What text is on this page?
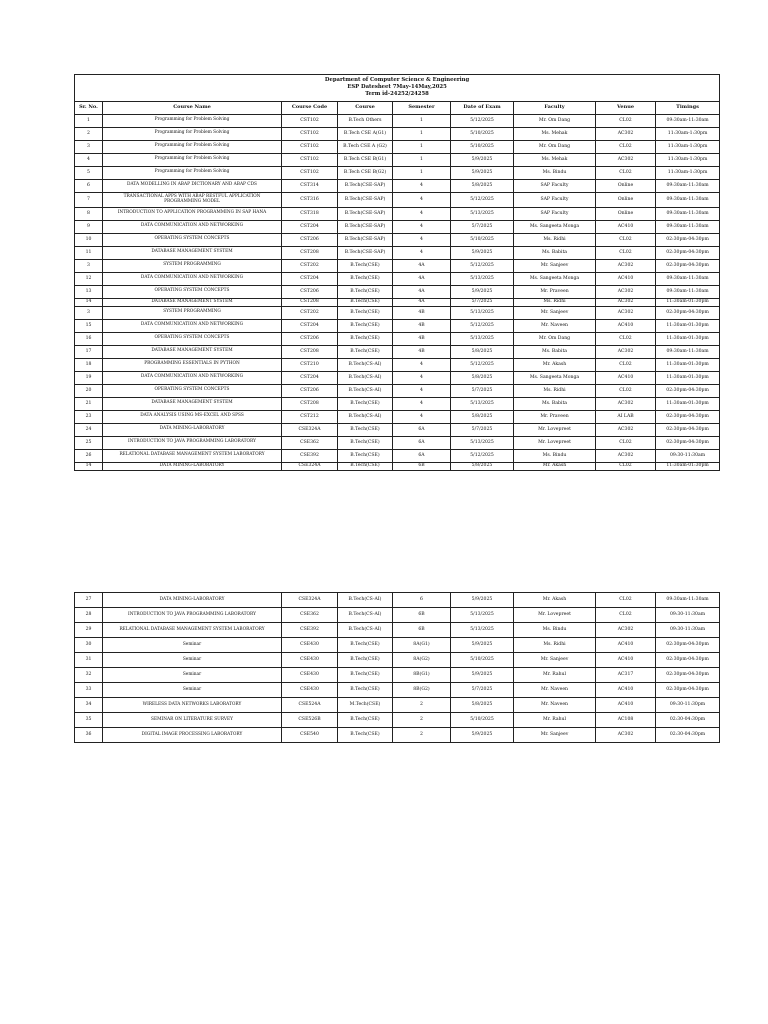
Department of Computer Science & Engineering
ESP Datesheet 7May-14May,2025
Term id-24252/24258								

Sr. No.	Course Name	Course Code	Course	Semester	Date of Exam	Faculty	Venue	Timings
1	Programming for Problem Solving	CST102	B.Tech Others	1	5/12/2025	Mr. Om Dang	CL02	09:30am-11:30am
2	Programming for Problem Solving	CST102	B.Tech CSE A(G1)	1	5/10/2025	Ms. Mehak	AC302	11:30am-1:30pm
3	Programming for Problem Solving	CST102	B.Tech CSE A (G2)	1	5/10/2025	Mr. Om Dang	CL02	11:30am-1:30pm
4	Programming for Problem Solving	CST102	B.Tech CSE B(G1)	1	5/9/2025	Ms. Mehak	AC302	11:30am-1:30pm
5	Programming for Problem Solving	CST102	B.Tech CSE B(G2)	1	5/9/2025	Ms. Bindu	CL02	11:30am-1:30pm
6	DATA MODELLING IN ABAP DICTIONARY AND ABAP CDS	CST314	B.Tech(CSE-SAP)	4	5/8/2025	SAP Faculty	Online	09:30am-11:30am
7	TRANSACTIONAL APPS WITH ABAP RESTFUL APPLICATION PROGRAMMING MODEL	CST316	B.Tech(CSE-SAP)	4	5/12/2025	SAP Faculty	Online	09:30am-11:30am
8	INTRODUCTION TO APPLICATION PROGRAMMING IN SAP HANA	CST318	B.Tech(CSE-SAP)	4	5/13/2025	SAP Faculty	Online	09:30am-11:30am
9	DATA COMMUNICATION AND NETWORKING	CST204	B.Tech(CSE-SAP)	4	5/7/2025	Ms. Sangeeta Monga	AC410	09:30am-11:30am
10	OPERATING SYSTEM CONCEPTS	CST206	B.Tech(CSE-SAP)	4	5/10/2025	Ms. Ridhi	CL02	02:30pm-04:30pm
11	DATABASE MANAGEMENT SYSTEM	CST208	B.Tech(CSE-SAP)	4	5/9/2025	Ms. Babita	CL02	02:30pm-04:30pm
3	SYSTEM PROGRAMMING	CST202	B.Tech(CSE)	4A	5/12/2025	Mr. Sanjeev	AC302	02:30pm-04:30pm
12	DATA COMMUNICATION AND NETWORKING	CST204	B.Tech(CSE)	4A	5/13/2025	Ms. Sangeeta Monga	AC410	09:30am-11:30am
13	OPERATING SYSTEM CONCEPTS	CST206	B.Tech(CSE)	4A	5/9/2025	Mr. Praveen	AC302	09:30am-11:30am
14	DATABASE MANAGEMENT SYSTEM	CST208	B.Tech(CSE)	4A	5/7/2025	Ms. Ridhi	AC302	11:30am-01:30pm
3	SYSTEM PROGRAMMING	CST202	B.Tech(CSE)	4B	5/13/2025	Mr. Sanjeev	AC302	02:30pm-04:30pm
15	DATA COMMUNICATION AND NETWORKING	CST204	B.Tech(CSE)	4B	5/12/2025	Mr. Naveen	AC410	11:30am-01:30pm
16	OPERATING SYSTEM CONCEPTS	CST206	B.Tech(CSE)	4B	5/13/2025	Mr. Om Dang	CL02	11:30am-01:30pm
17	DATABASE MANAGEMENT SYSTEM	CST208	B.Tech(CSE)	4B	5/8/2025	Ms. Babita	AC302	09:30am-11:30am
18	PROGRAMMING ESSENTIALS IN PYTHON	CST210	B.Tech(CS-AI)	4	5/12/2025	Mr. Akash	CL02	11:30am-01:30pm
19	DATA COMMUNICATION AND NETWORKING	CST204	B.Tech(CS-AI)	4	5/8/2025	Ms. Sangeeta Monga	AC410	11:30am-01:30pm
20	OPERATING SYSTEM CONCEPTS	CST206	B.Tech(CS-AI)	4	5/7/2025	Ms. Ridhi	CL02	02:30pm-04:30pm
21	DATABASE MANAGEMENT SYSTEM	CST208	B.Tech(CSE)	4	5/13/2025	Ms. Babita	AC302	11:30am-01:30pm
23	DATA ANALYSIS USING MS-EXCEL AND SPSS	CST212	B.Tech(CS-AI)	4	5/8/2025	Mr. Praveen	AI LAB	02:30pm-04:30pm
24	DATA MINING-LABORATORY	CSE324A	B.Tech(CSE)	6A	5/7/2025	Mr. Lovepreet	AC302	02:30pm-04:30pm
25	INTRODUCTION TO JAVA PROGRAMMING LABORATORY	CSE362	B.Tech(CSE)	6A	5/13/2025	Mr. Lovepreet	CL02	02:30pm-04:30pm
26	RELATIONAL DATABASE MANAGEMENT SYSTEM LABORATORY	CSE392	B.Tech(CSE)	6A	5/12/2025	Ms. Bindu	AC302	09:30-11:30am
14	DATA MINING-LABORATORY	CSE324A	B.Tech(CSE)	6B	5/8/2025	Mr. Akash	CL02	11:30am-01:30pm
27	DATA MINING-LABORATORY	CSE324A	B.Tech(CS-AI)	6	5/9/2025	Mr. Akash	CL02	09:30am-11:30am
28	INTRODUCTION TO JAVA PROGRAMMING LABORATORY	CSE362	B.Tech(CS-AI)	6B	5/13/2025	Mr. Lovepreet	CL02	09:30-11:30am
29	RELATIONAL DATABASE MANAGEMENT SYSTEM LABORATORY	CSE392	B.Tech(CS-AI)	6B	5/13/2025	Ms. Bindu	AC302	09:30-11:30am
30	Seminar	CSE430	B.Tech(CSE)	8A(G1)	5/9/2025	Ms. Ridhi	AC410	02:30pm-04:30pm
31	Seminar	CSE430	B.Tech(CSE)	8A(G2)	5/10/2025	Mr. Sanjeev	AC410	02:30pm-04:30pm
32	Seminar	CSE430	B.Tech(CSE)	8B(G1)	5/9/2025	Mr. Rahul	AC317	02:30pm-04:30pm
33	Seminar	CSE430	B.Tech(CSE)	8B(G2)	5/7/2025	Mr. Naveen	AC410	02:30pm-04:30pm
34	WIRELESS DATA NETWORKS LABORATORY	CSE524A	M.Tech(CSE)	2	5/8/2025	Mr. Naveen	AC410	09:30-11:30pm
35	SEMINAR ON LITERATURE SURVEY	CSE526B	B.Tech(CSE)	2	5/10/2025	Mr. Rahul	AC108	02:30-04:30pm
36	DIGITAL IMAGE PROCESSING LABORATORY	CSE540	B.Tech(CSE)	2	5/9/2025	Mr. Sanjeev	AC302	02:30-04:30pm
